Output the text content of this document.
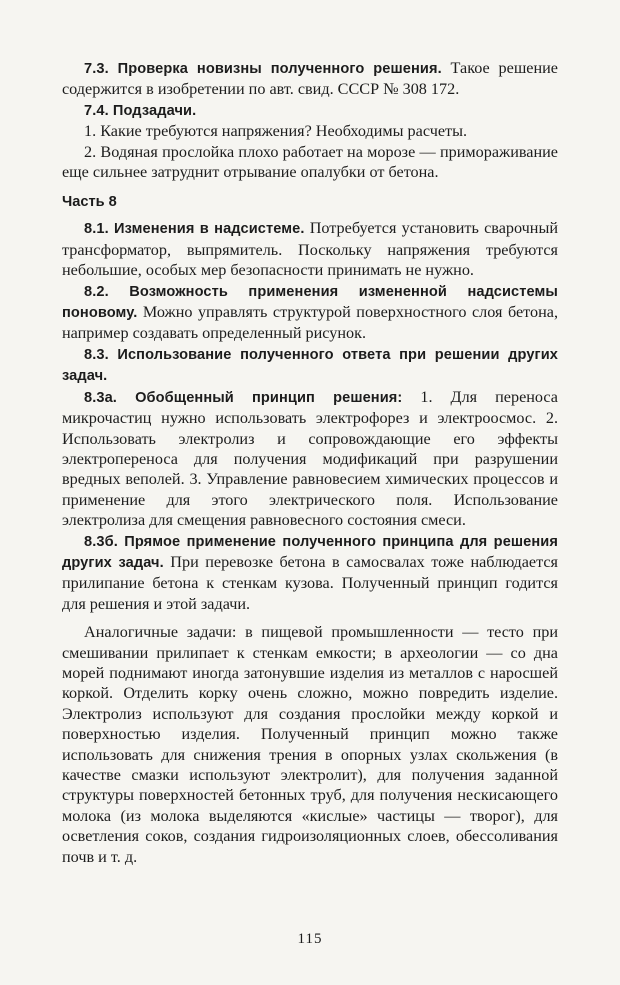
7.3. Проверка новизны полученного решения. Такое решение содержится в изобретении по авт. свид. СССР № 308 172.

7.4. Подзадачи.

1. Какие требуются напряжения? Необходимы расчеты.

2. Водяная прослойка плохо работает на морозе — примораживание еще сильнее затруднит отрывание опалубки от бетона.

Часть 8

8.1. Изменения в надсистеме. Потребуется установить сварочный трансформатор, выпрямитель. Поскольку напряжения требуются небольшие, особых мер безопасности принимать не нужно.

8.2. Возможность применения измененной надсистемы поновому. Можно управлять структурой поверхностного слоя бетона, например создавать определенный рисунок.

8.3. Использование полученного ответа при решении других задач.

8.3а. Обобщенный принцип решения: 1. Для переноса микрочастиц нужно использовать электрофорез и электроосмос. 2. Использовать электролиз и сопровождающие его эффекты электропереноса для получения модификаций при разрушении вредных веполей. 3. Управление равновесием химических процессов и применение для этого электрического поля. Использование электролиза для смещения равновесного состояния смеси.

8.3б. Прямое применение полученного принципа для решения других задач. При перевозке бетона в самосвалах тоже наблюдается прилипание бетона к стенкам кузова. Полученный принцип годится для решения и этой задачи.

Аналогичные задачи: в пищевой промышленности — тесто при смешивании прилипает к стенкам емкости; в археологии — со дна морей поднимают иногда затонувшие изделия из металлов с наросшей коркой. Отделить корку очень сложно, можно повредить изделие. Электролиз используют для создания прослойки между коркой и поверхностью изделия. Полученный принцип можно также использовать для снижения трения в опорных узлах скольжения (в качестве смазки используют электролит), для получения заданной структуры поверхностей бетонных труб, для получения нескисающего молока (из молока выделяются «кислые» частицы — творог), для осветления соков, создания гидроизоляционных слоев, обессоливания почв и т. д.

115
